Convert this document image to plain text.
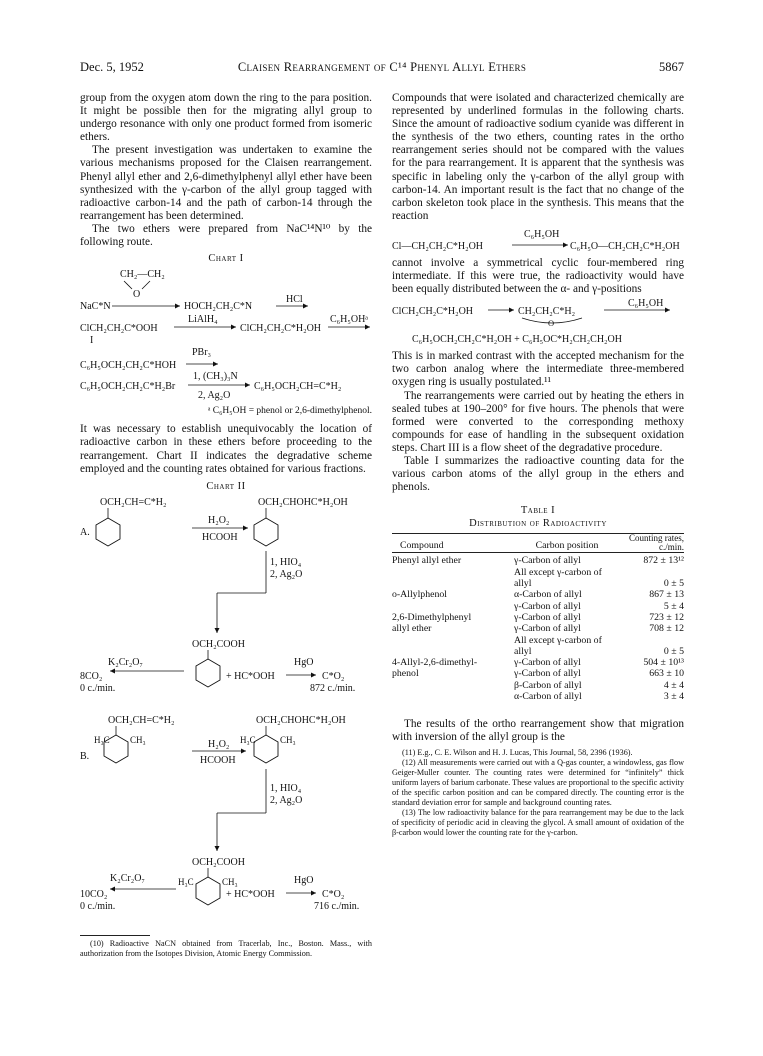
Dec. 5, 1952	Claisen Rearrangement of C¹⁴ Phenyl Allyl Ethers	5867

group from the oxygen atom down the ring to the para position. It might be possible then for the migrating allyl group to undergo resonance with only one product formed from isomeric ethers.

The present investigation was undertaken to examine the various mechanisms proposed for the Claisen rearrangement. Phenyl allyl ether and 2,6-dimethylphenyl allyl ether have been synthesized with the γ-carbon of the allyl group tagged with radioactive carbon-14 and the path of carbon-14 through the rearrangement has been determined.

The two ethers were prepared from NaC¹⁴N¹⁰ by the following route.

Chart I
CH₂—CH₂
O
NaC*N	HOCH₂CH₂C*N
HCl
ClCH₂CH₂C*OOH
LiAlH₄
ClCH₂CH₂C*H₂OH
C₆H₅OHᵃ
I
PBr₃
C₆H₅OCH₂CH₂C*HOH
C₆H₅OCH₂CH₂C*H₂Br
1, (CH₃)₃N
2, Ag₂O
C₆H₅OCH₂CH=C*H₂
ᵃ C₆H₅OH = phenol or 2,6-dimethylphenol.

It was necessary to establish unequivocably the location of radioactive carbon in these ethers before proceeding to the rearrangement. Chart II indicates the degradative scheme employed and the counting rates obtained for various fractions.

Chart II
OCH₂CH=C*H₂
A.
H₂O₂
HCOOH
OCH₂CHOHC*H₂OH
1, HIO₄
2, Ag₂O
OCH₂COOH
K₂Cr₂O₇
8CO₂
0 c./min.
+ HC*OOH
HgO
C*O₂
872 c./min.
OCH₂CH=C*H₂
H₃C CH₃
B.
H₂O₂
HCOOH
OCH₂CHOHC*H₂OH
H₃C	CH₃
1, HIO₄
2, Ag₂O
OCH₂COOH
H₃C	CH₃
K₂Cr₂O₇
10CO₂
0 c./min.
+ HC*OOH
HgO
C*O₂
716 c./min.

(10) Radioactive NaCN obtained from Tracerlab, Inc., Boston. Mass., with authorization from the Isotopes Division, Atomic Energy Commission.

Compounds that were isolated and characterized chemically are represented by underlined formulas in the following charts. Since the amount of radioactive sodium cyanide was different in the synthesis of the two ethers, counting rates in the ortho rearrangement series should not be compared with the values for the para rearrangement. It is apparent that the synthesis was specific in labeling only the γ-carbon of the allyl group with carbon-14. An important result is the fact that no change of the carbon skeleton took place in the synthesis. This means that the reaction

Cl—CH₂CH₂C*H₂OH
C₆H₅OH
C₆H₅O—CH₂CH₂C*H₂OH

cannot involve a symmetrical cyclic four-membered ring intermediate. If this were true, the radioactivity would have been equally distributed between the α- and γ-positions

ClCH₂CH₂C*H₂OH	CH₂CH₂C*H₂
O
C₆H₅OH
C₆H₅OCH₂CH₂C*H₂OH + C₆H₅OC*H₂CH₂CH₂OH

This is in marked contrast with the accepted mechanism for the two carbon analog where the intermediate three-membered oxygen ring is usually postulated.¹¹

The rearrangements were carried out by heating the ethers in sealed tubes at 190–200° for five hours. The phenols that were formed were converted to the corresponding methoxy compounds for ease of handling in the subsequent oxidation steps. Chart III is a flow sheet of the degradative procedure.

Table I summarizes the radioactive counting data for the various carbon atoms of the allyl group in the ethers and phenols.

Table I
Distribution of Radioactivity
Compound	Carbon position	Counting rates,
c./min.

Phenyl allyl ether	γ-Carbon of allyl	872 ± 13¹²
	All except γ-carbon of	
	allyl	0 ± 5
o-Allylphenol	α-Carbon of allyl	867 ± 13
	γ-Carbon of allyl	5 ± 4
2,6-Dimethylphenyl	γ-Carbon of allyl	723 ± 12
allyl ether	γ-Carbon of allyl	708 ± 12
	All except γ-carbon of	
	allyl	0 ± 5
4-Allyl-2,6-dimethyl-	γ-Carbon of allyl	504 ± 10¹³
phenol	γ-Carbon of allyl	663 ± 10
	β-Carbon of allyl	4 ± 4
	α-Carbon of allyl	3 ± 4

The results of the ortho rearrangement show that migration with inversion of the allyl group is the

(11) E.g., C. E. Wilson and H. J. Lucas, This Journal, 58, 2396 (1936).

(12) All measurements were carried out with a Q-gas counter, a windowless, gas flow Geiger-Muller counter. The counting rates were determined for “infinitely” thick uniform layers of barium carbonate. These values are proportional to the specific activity of the specific carbon position and can be compared directly. The counting error is the standard deviation error for sample and background counting rates.

(13) The low radioactivity balance for the para rearrangement may be due to the lack of specificity of periodic acid in cleaving the glycol. A small amount of oxidation of the β-carbon would lower the counting rate for the γ-carbon.
